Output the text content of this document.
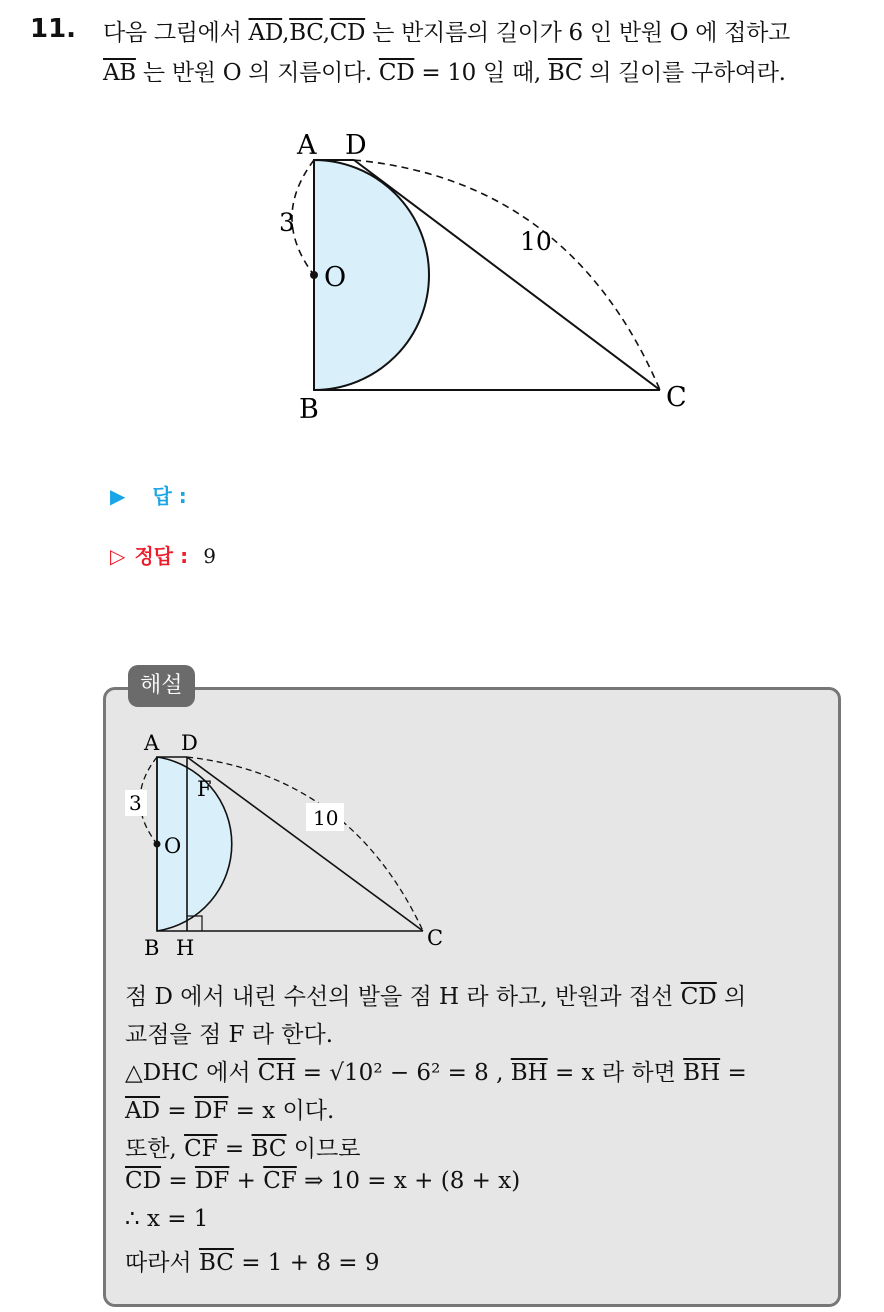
11. 다음 그림에서 $\overline{AD},\overline{BC},\overline{CD}$ 는 반지름의 길이가 6 인 반원 O 에 접하고
$\overline{AB}$ 는 반원 O 의 지름이다. $\overline{CD} = 10$ 일 때, $\overline{BC}$ 의 길이를 구하여라.
A D
B	C
O
3
10
▶ 답 :
▷ 정답 : 9
해설
A D
B H	C
O
F
3
10
점 D 에서 내린 수선의 발을 점 H 라 하고, 반원과 접선 $\overline{CD}$ 의
교점을 점 F 라 한다.
△DHC 에서 $\overline{CH} = √10^2 - 6^2 = 8$ , $\overline{BH} = x$ 라 하면 $\overline{BH}$ =
$\overline{AD} = \overline{DF} = x$ 이다.
또한, $\overline{CF} = \overline{BC}$ 이므로
$\overline{CD} = \overline{DF} + \overline{CF}$ ⇒ 10 = x + (8 + x)
∴ x = 1
따라서 $\overline{BC} = 1 + 8 = 9$
